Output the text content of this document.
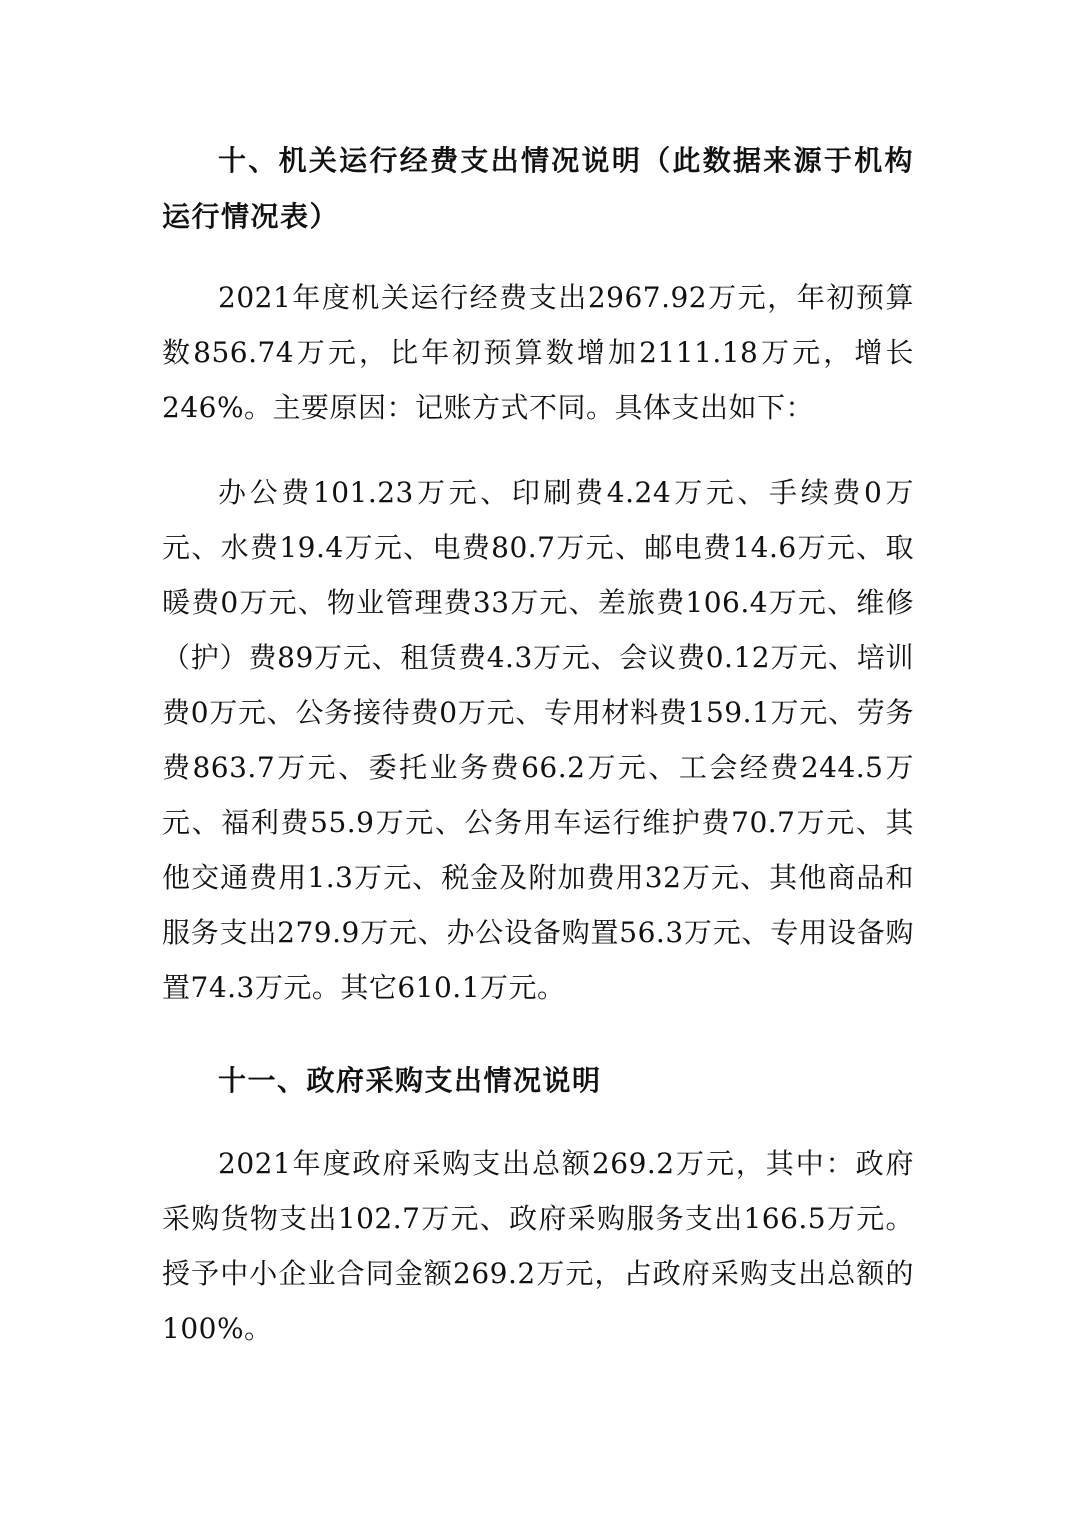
十、机关运行经费支出情况说明（此数据来源于机构运行情况表）
2021年度机关运行经费支出2967.92万元，年初预算数856.74万元，比年初预算数增加2111.18万元，增长246%。主要原因：记账方式不同。具体支出如下：
办公费101.23万元、印刷费4.24万元、手续费0万元、水费19.4万元、电费80.7万元、邮电费14.6万元、取暖费0万元、物业管理费33万元、差旅费106.4万元、维修（护）费89万元、租赁费4.3万元、会议费0.12万元、培训费0万元、公务接待费0万元、专用材料费159.1万元、劳务费863.7万元、委托业务费66.2万元、工会经费244.5万元、福利费55.9万元、公务用车运行维护费70.7万元、其他交通费用1.3万元、税金及附加费用32万元、其他商品和服务支出279.9万元、办公设备购置56.3万元、专用设备购置74.3万元。其它610.1万元。
十一、政府采购支出情况说明
2021年度政府采购支出总额269.2万元，其中：政府采购货物支出102.7万元、政府采购服务支出166.5万元。授予中小企业合同金额269.2万元，占政府采购支出总额的100%。
